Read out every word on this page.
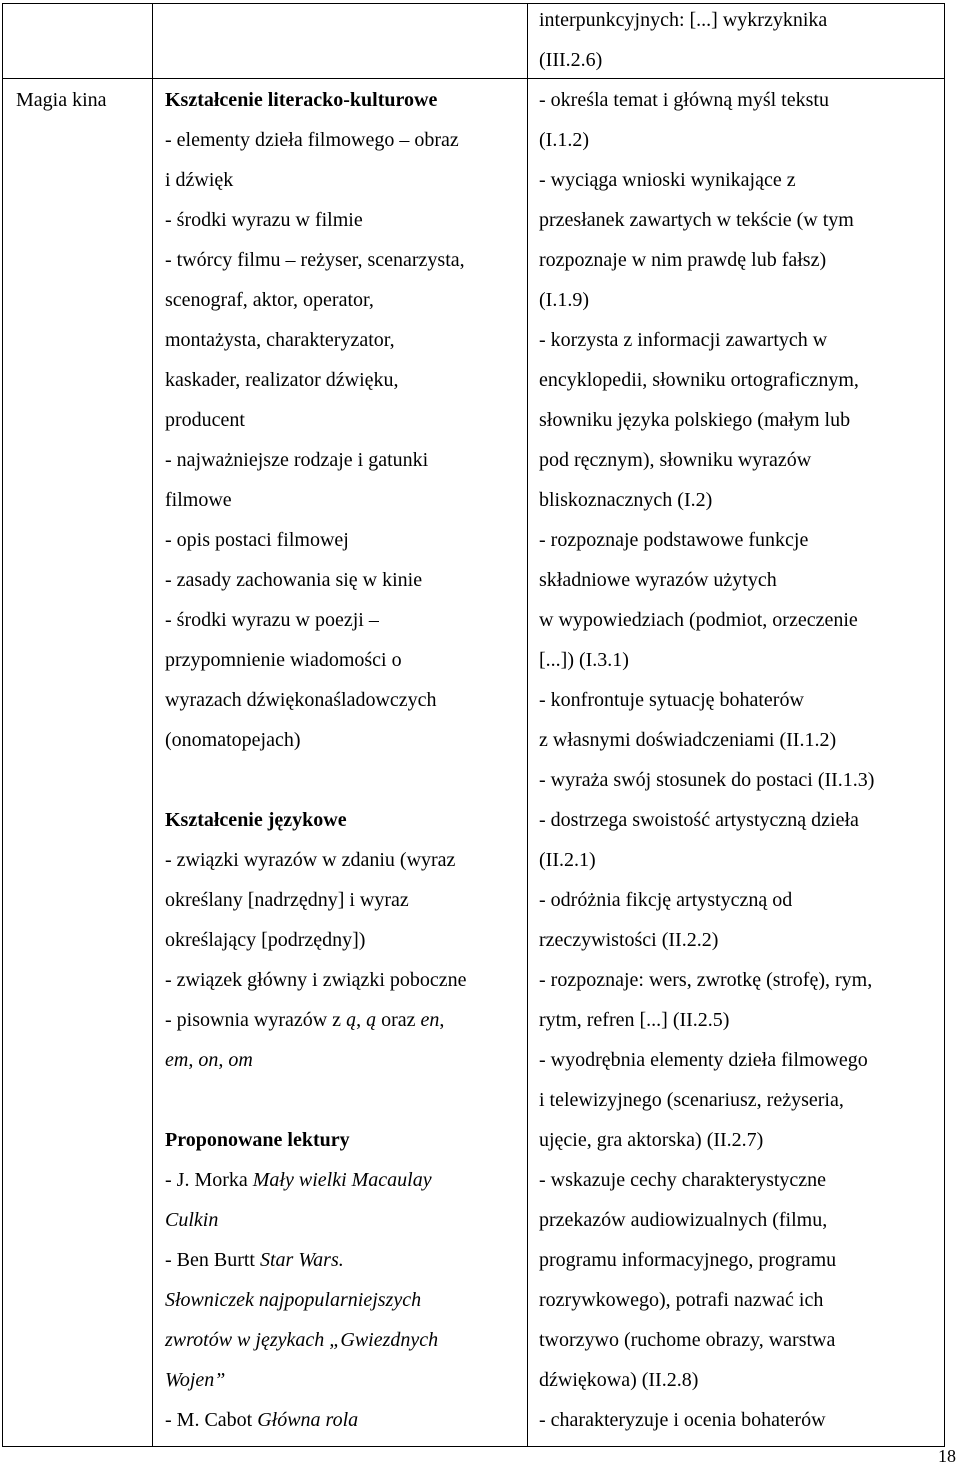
Magia kina	Kształcenie literacko-kulturowe
- elementy dzieła filmowego – obraz
i dźwięk
- środki wyrazu w filmie
- twórcy filmu – reżyser, scenarzysta,
scenograf, aktor, operator,
montażysta, charakteryzator,
kaskader, realizator dźwięku,
producent
- najważniejsze rodzaje i gatunki
filmowe
- opis postaci filmowej
- zasady zachowania się w kinie
- środki wyrazu w poezji –
przypomnienie wiadomości o
wyrazach dźwiękonaśladowczych
(onomatopejach)
Kształcenie językowe
- związki wyrazów w zdaniu (wyraz
określany [nadrzędny] i wyraz
określający [podrzędny])
- związek główny i związki poboczne
- pisownia wyrazów z ą, ą oraz en,
em, on, om
Proponowane lektury
- J. Morka Mały wielki Macaulay
Culkin
- Ben Burtt Star Wars.
Słowniczek najpopularniejszych
zwrotów w językach „Gwiezdnych
Wojen”
- M. Cabot Główna rola
interpunkcyjnych: [...] wykrzyknika
(III.2.6)
- określa temat i główną myśl tekstu
(I.1.2)
- wyciąga wnioski wynikające z
przesłanek zawartych w tekście (w tym
rozpoznaje w nim prawdę lub fałsz)
(I.1.9)
- korzysta z informacji zawartych w
encyklopedii, słowniku ortograficznym,
słowniku języka polskiego (małym lub
pod ręcznym), słowniku wyrazów
bliskoznacznych (I.2)
- rozpoznaje podstawowe funkcje
składniowe wyrazów użytych
w wypowiedziach (podmiot, orzeczenie
[...]) (I.3.1)
- konfrontuje sytuację bohaterów
z własnymi doświadczeniami (II.1.2)
- wyraża swój stosunek do postaci (II.1.3)
- dostrzega swoistość artystyczną dzieła
(II.2.1)
- odróżnia fikcję artystyczną od
rzeczywistości (II.2.2)
- rozpoznaje: wers, zwrotkę (strofę), rym,
rytm, refren [...] (II.2.5)
- wyodrębnia elementy dzieła filmowego
i telewizyjnego (scenariusz, reżyseria,
ujęcie, gra aktorska) (II.2.7)
- wskazuje cechy charakterystyczne
przekazów audiowizualnych (filmu,
programu informacyjnego, programu
rozrywkowego), potrafi nazwać ich
tworzywo (ruchome obrazy, warstwa
dźwiękowa) (II.2.8)
- charakteryzuje i ocenia bohaterów
18
